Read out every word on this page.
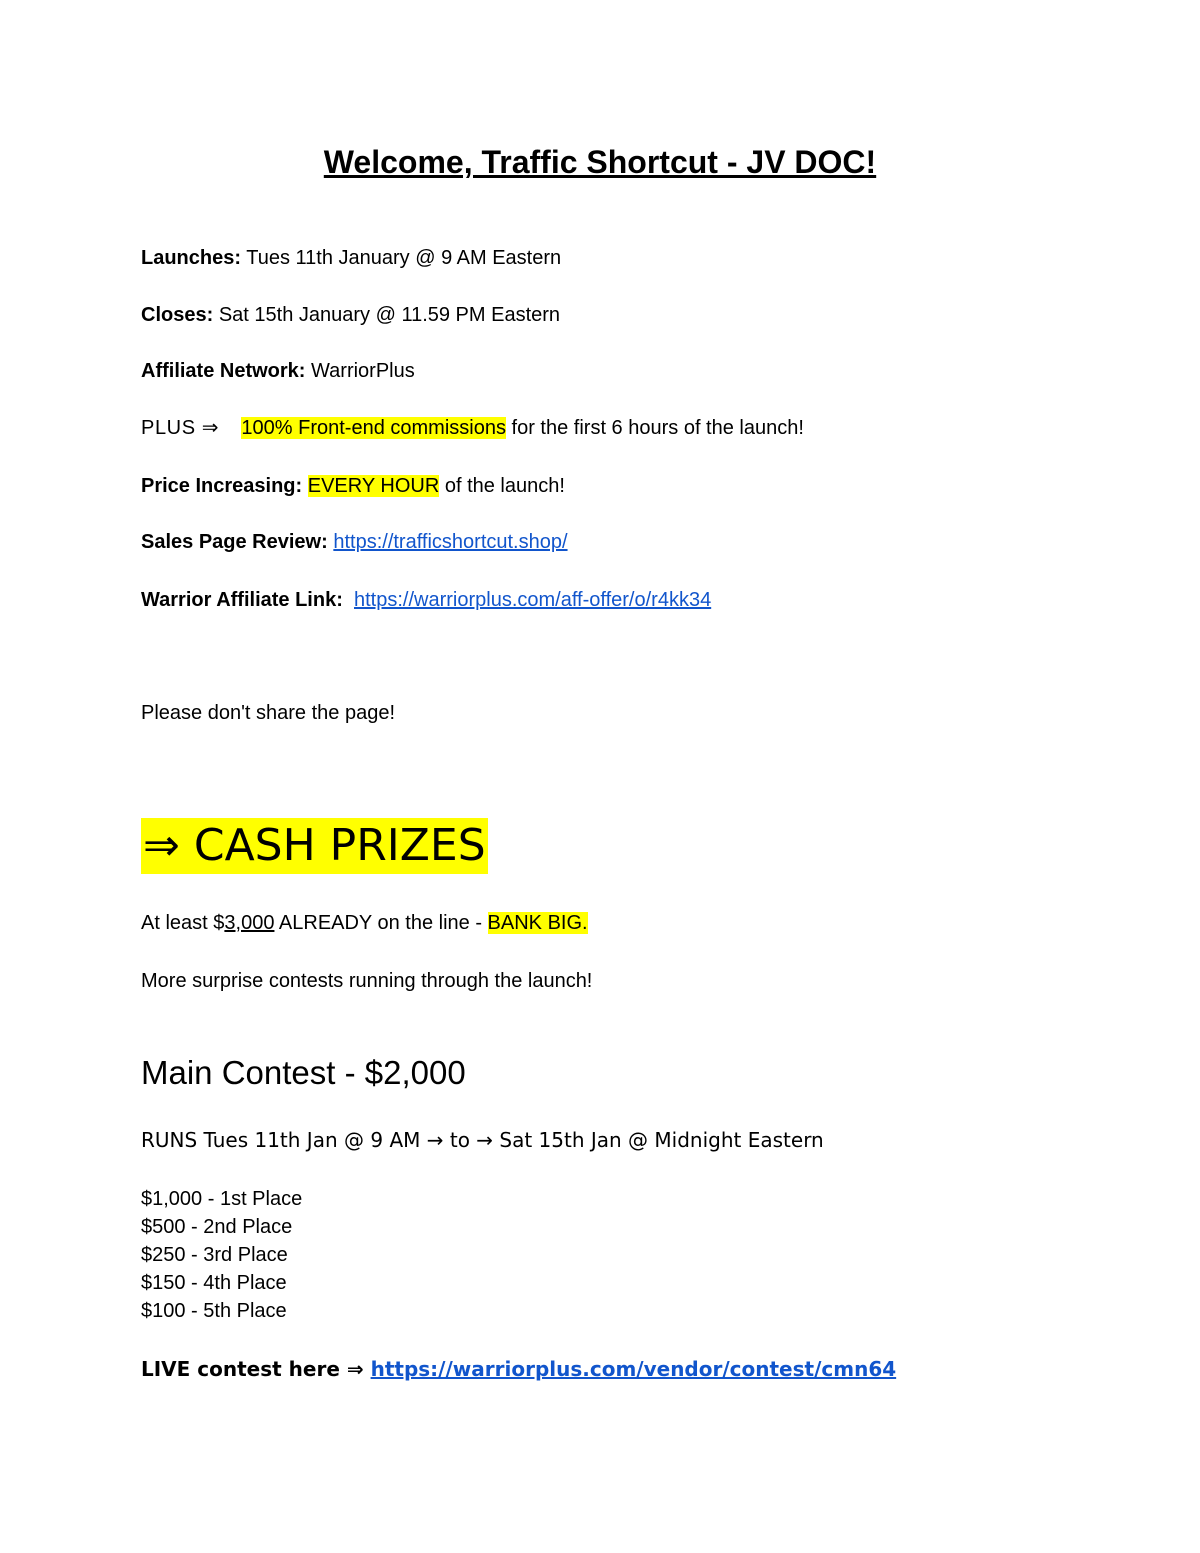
Welcome, Traffic Shortcut - JV DOC!
Launches: Tues 11th January @ 9 AM Eastern
Closes: Sat 15th January @ 11.59 PM Eastern
Affiliate Network: WarriorPlus
PLUS ⇒ 100% Front-end commissions for the first 6 hours of the launch!
Price Increasing: EVERY HOUR of the launch!
Sales Page Review: https://trafficshortcut.shop/
Warrior Affiliate Link: https://warriorplus.com/aff-offer/o/r4kk34
Please don't share the page!
⇒ CASH PRIZES
At least $3,000 ALREADY on the line - BANK BIG.
More surprise contests running through the launch!
Main Contest - $2,000
RUNS Tues 11th Jan @ 9 AM → to → Sat 15th Jan @ Midnight Eastern
$1,000 - 1st Place
$500 - 2nd Place
$250 - 3rd Place
$150 - 4th Place
$100 - 5th Place
LIVE contest here ⇒ https://warriorplus.com/vendor/contest/cmn64
